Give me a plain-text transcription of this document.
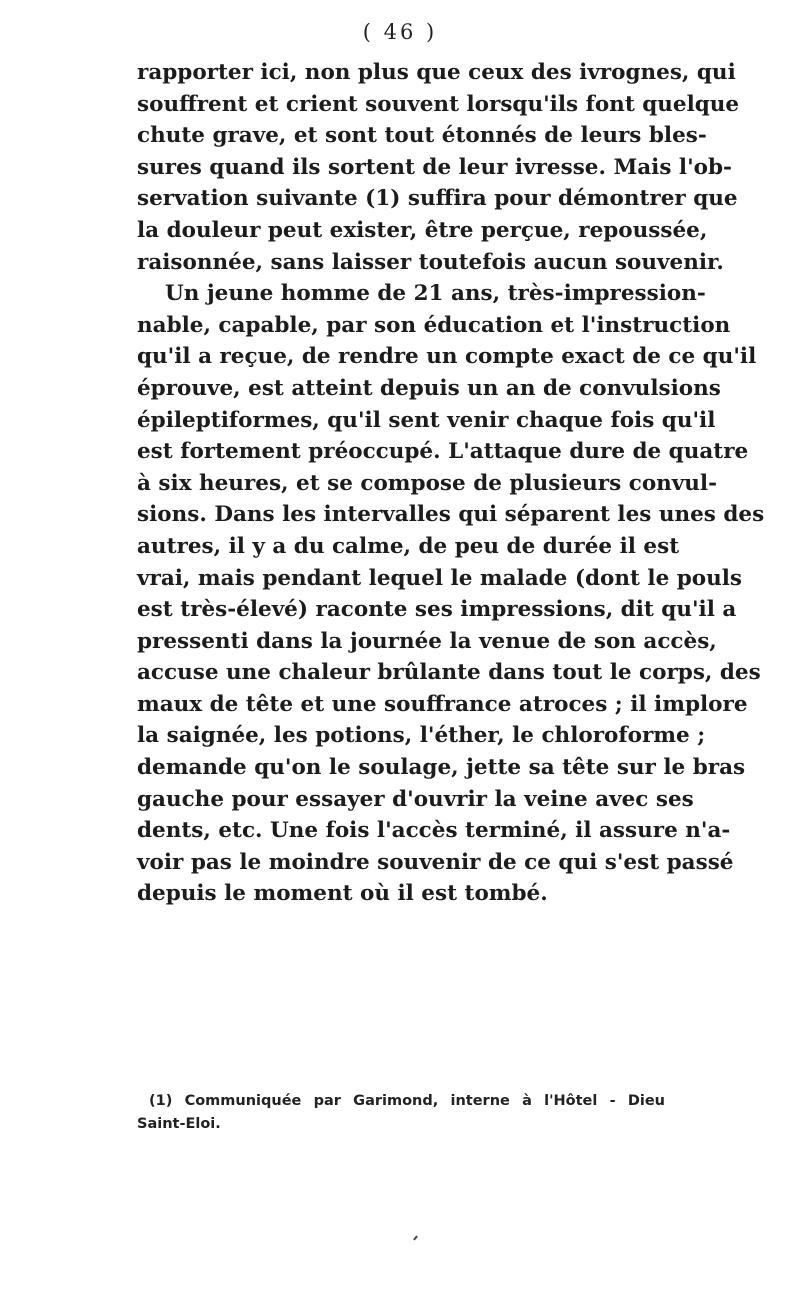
( 46 )
rapporter ici, non plus que ceux des ivrognes, qui
souffrent et crient souvent lorsqu'ils font quelque
chute grave, et sont tout étonnés de leurs bles-
sures quand ils sortent de leur ivresse. Mais l'ob-
servation suivante (1) suffira pour démontrer que
la douleur peut exister, être perçue, repoussée,
raisonnée, sans laisser toutefois aucun souvenir.
Un jeune homme de 21 ans, très-impression-
nable, capable, par son éducation et l'instruction
qu'il a reçue, de rendre un compte exact de ce qu'il
éprouve, est atteint depuis un an de convulsions
épileptiformes, qu'il sent venir chaque fois qu'il
est fortement préoccupé. L'attaque dure de quatre
à six heures, et se compose de plusieurs convul-
sions. Dans les intervalles qui séparent les unes des
autres, il y a du calme, de peu de durée il est
vrai, mais pendant lequel le malade (dont le pouls
est très-élevé) raconte ses impressions, dit qu'il a
pressenti dans la journée la venue de son accès,
accuse une chaleur brûlante dans tout le corps, des
maux de tête et une souffrance atroces ; il implore
la saignée, les potions, l'éther, le chloroforme ;
demande qu'on le soulage, jette sa tête sur le bras
gauche pour essayer d'ouvrir la veine avec ses
dents, etc. Une fois l'accès terminé, il assure n'a-
voir pas le moindre souvenir de ce qui s'est passé
depuis le moment où il est tombé.
(1) Communiquée par Garimond, interne à l'Hôtel - Dieu
Saint-Eloi.
